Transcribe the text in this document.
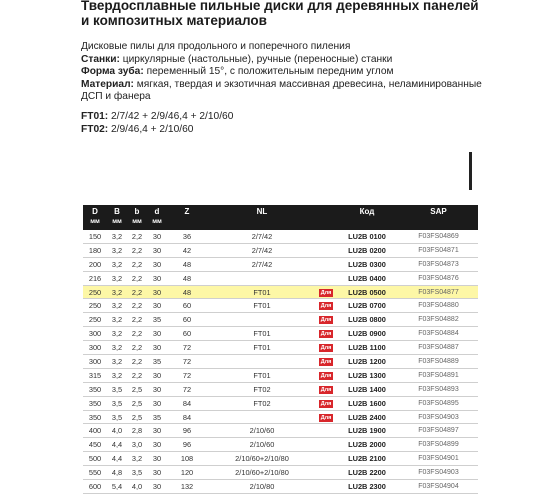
Твердосплавные пильные диски для деревянных панелей
и композитных материалов
Дисковые пилы для продольного и поперечного пиления
Станки: циркулярные (настольные), ручные (переносные) станки
Форма зуба: переменный 15°, с положительным передним углом
Материал: мягкая, твердая и экзотичная массивная древесина, неламинированные
ДСП и фанера
FT01: 2/7/42 + 2/9/46,4 + 2/10/60
FT02: 2/9/46,4 + 2/10/60
D	B	b	d	Z	NL		Код	SAP
мм	мм	мм	мм					
150	3,2	2,2	30	36	2/7/42		LU2B 0100	F03FS04869
180	3,2	2,2	30	42	2/7/42		LU2B 0200	F03FS04871
200	3,2	2,2	30	48	2/7/42		LU2B 0300	F03FS04873
216	3,2	2,2	30	48			LU2B 0400	F03FS04876
250	3,2	2,2	30	48	FT01	Для	LU2B 0500	F03FS04877
250	3,2	2,2	30	60	FT01	Для	LU2B 0700	F03FS04880
250	3,2	2,2	35	60		Для	LU2B 0800	F03FS04882
300	3,2	2,2	30	60	FT01	Для	LU2B 0900	F03FS04884
300	3,2	2,2	30	72	FT01	Для	LU2B 1100	F03FS04887
300	3,2	2,2	35	72		Для	LU2B 1200	F03FS04889
315	3,2	2,2	30	72	FT01	Для	LU2B 1300	F03FS04891
350	3,5	2,5	30	72	FT02	Для	LU2B 1400	F03FS04893
350	3,5	2,5	30	84	FT02	Для	LU2B 1600	F03FS04895
350	3,5	2,5	35	84		Для	LU2B 2400	F03FS04903
400	4,0	2,8	30	96	2/10/60		LU2B 1900	F03FS04897
450	4,4	3,0	30	96	2/10/60		LU2B 2000	F03FS04899
500	4,4	3,2	30	108	2/10/60+2/10/80		LU2B 2100	F03FS04901
550	4,8	3,5	30	120	2/10/60+2/10/80		LU2B 2200	F03FS04903
600	5,4	4,0	30	132	2/10/80		LU2B 2300	F03FS04904
